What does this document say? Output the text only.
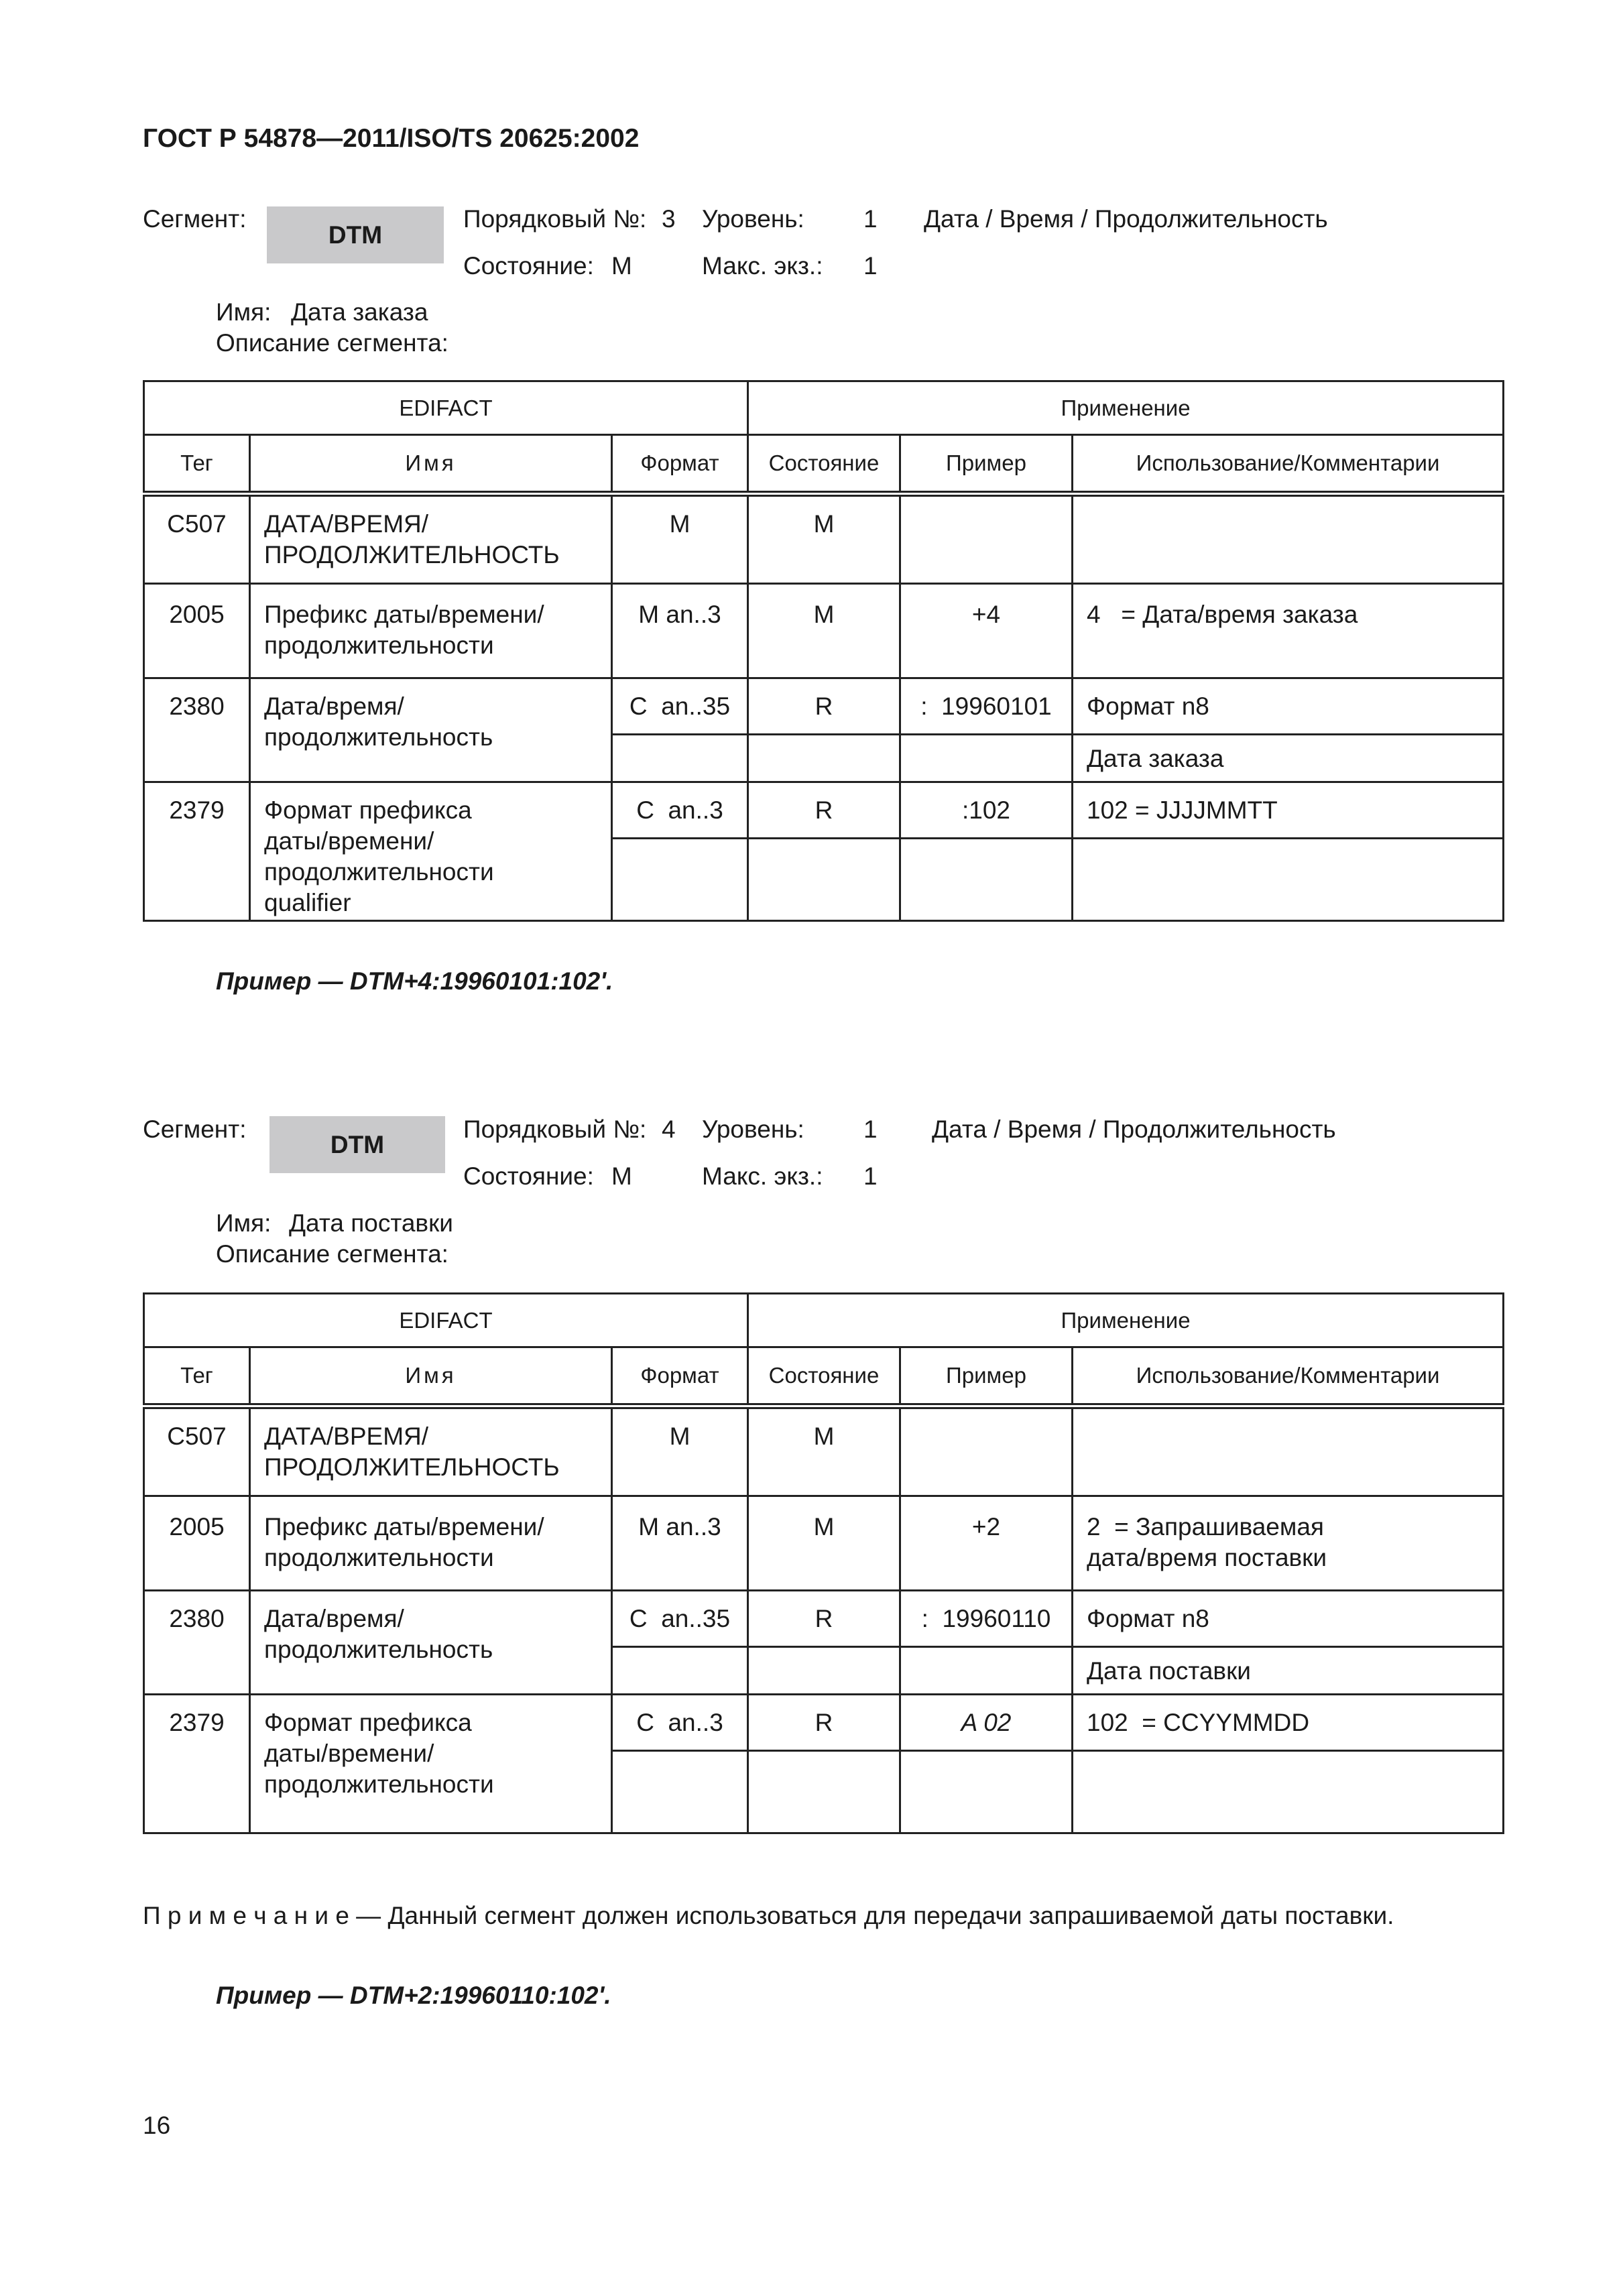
ГОСТ Р 54878—2011/ISO/TS 20625:2002
Сегмент:
DTM
Порядковый №: 3 Уровень: 1 Дата / Время / Продолжительность
Состояние: M	Макс. экз.: 1
Имя: Дата заказа
Описание сегмента:
EDIFACT			Применение		
Тег	Имя	Формат	Состояние	Пример	Использование/Комментарии
C507	ДАТА/ВРЕМЯ/
ПРОДОЛЖИТЕЛЬНОСТЬ	M	M		
2005	Префикс даты/времени/
продолжительности	M an..3	M	+4	4   = Дата/время заказа
2380	Дата/время/
продолжительность	C  an..35	R	:  19960101	Формат n8
					Дата заказа
2379	Формат префикса
даты/времени/
продолжительности
qualifier	C  an..3	R	:102	102 = JJJJMMTT

Пример — DTM+4:19960101:102'.
Сегмент:
DTM
Порядковый №: 4 Уровень: 1 Дата / Время / Продолжительность
Состояние: M	Макс. экз.: 1
Имя: Дата поставки
Описание сегмента:
EDIFACT			Применение		
Тег	Имя	Формат	Состояние	Пример	Использование/Комментарии
C507	ДАТА/ВРЕМЯ/
ПРОДОЛЖИТЕЛЬНОСТЬ	M	M		
2005	Префикс даты/времени/
продолжительности	M an..3	M	+2	2  = Запрашиваемая
дата/время поставки
2380	Дата/время/
продолжительность	C  an..35	R	:  19960110	Формат n8
					Дата поставки
2379	Формат префикса
даты/времени/
продолжительности	C  an..3	R	A 02	102  = CCYYMMDD

П р и м е ч а н и е — Данный сегмент должен использоваться для передачи запрашиваемой даты поставки.
Пример — DTM+2:19960110:102'.
16
